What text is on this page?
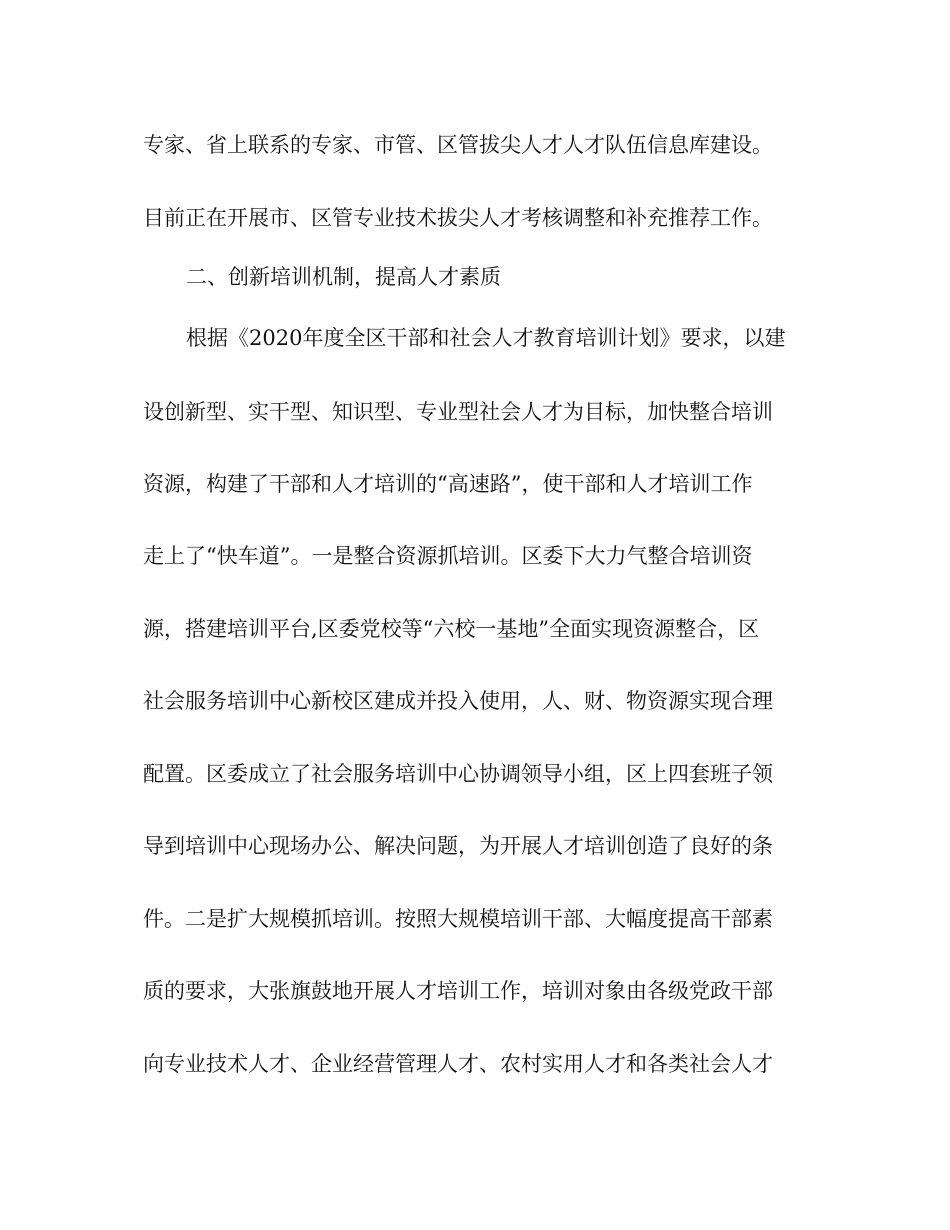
专家、省上联系的专家、市管、区管拔尖人才人才队伍信息库建设。
目前正在开展市、区管专业技术拔尖人才考核调整和补充推荐工作。
二、创新培训机制，提高人才素质
根据《2020年度全区干部和社会人才教育培训计划》要求，以建
设创新型、实干型、知识型、专业型社会人才为目标，加快整合培训
资源，构建了干部和人才培训的“高速路”，使干部和人才培训工作
走上了“快车道”。一是整合资源抓培训。区委下大力气整合培训资
源，搭建培训平台,区委党校等“六校一基地”全面实现资源整合，区
社会服务培训中心新校区建成并投入使用，人、财、物资源实现合理
配置。区委成立了社会服务培训中心协调领导小组，区上四套班子领
导到培训中心现场办公、解决问题，为开展人才培训创造了良好的条
件。二是扩大规模抓培训。按照大规模培训干部、大幅度提高干部素
质的要求，大张旗鼓地开展人才培训工作，培训对象由各级党政干部
向专业技术人才、企业经营管理人才、农村实用人才和各类社会人才
